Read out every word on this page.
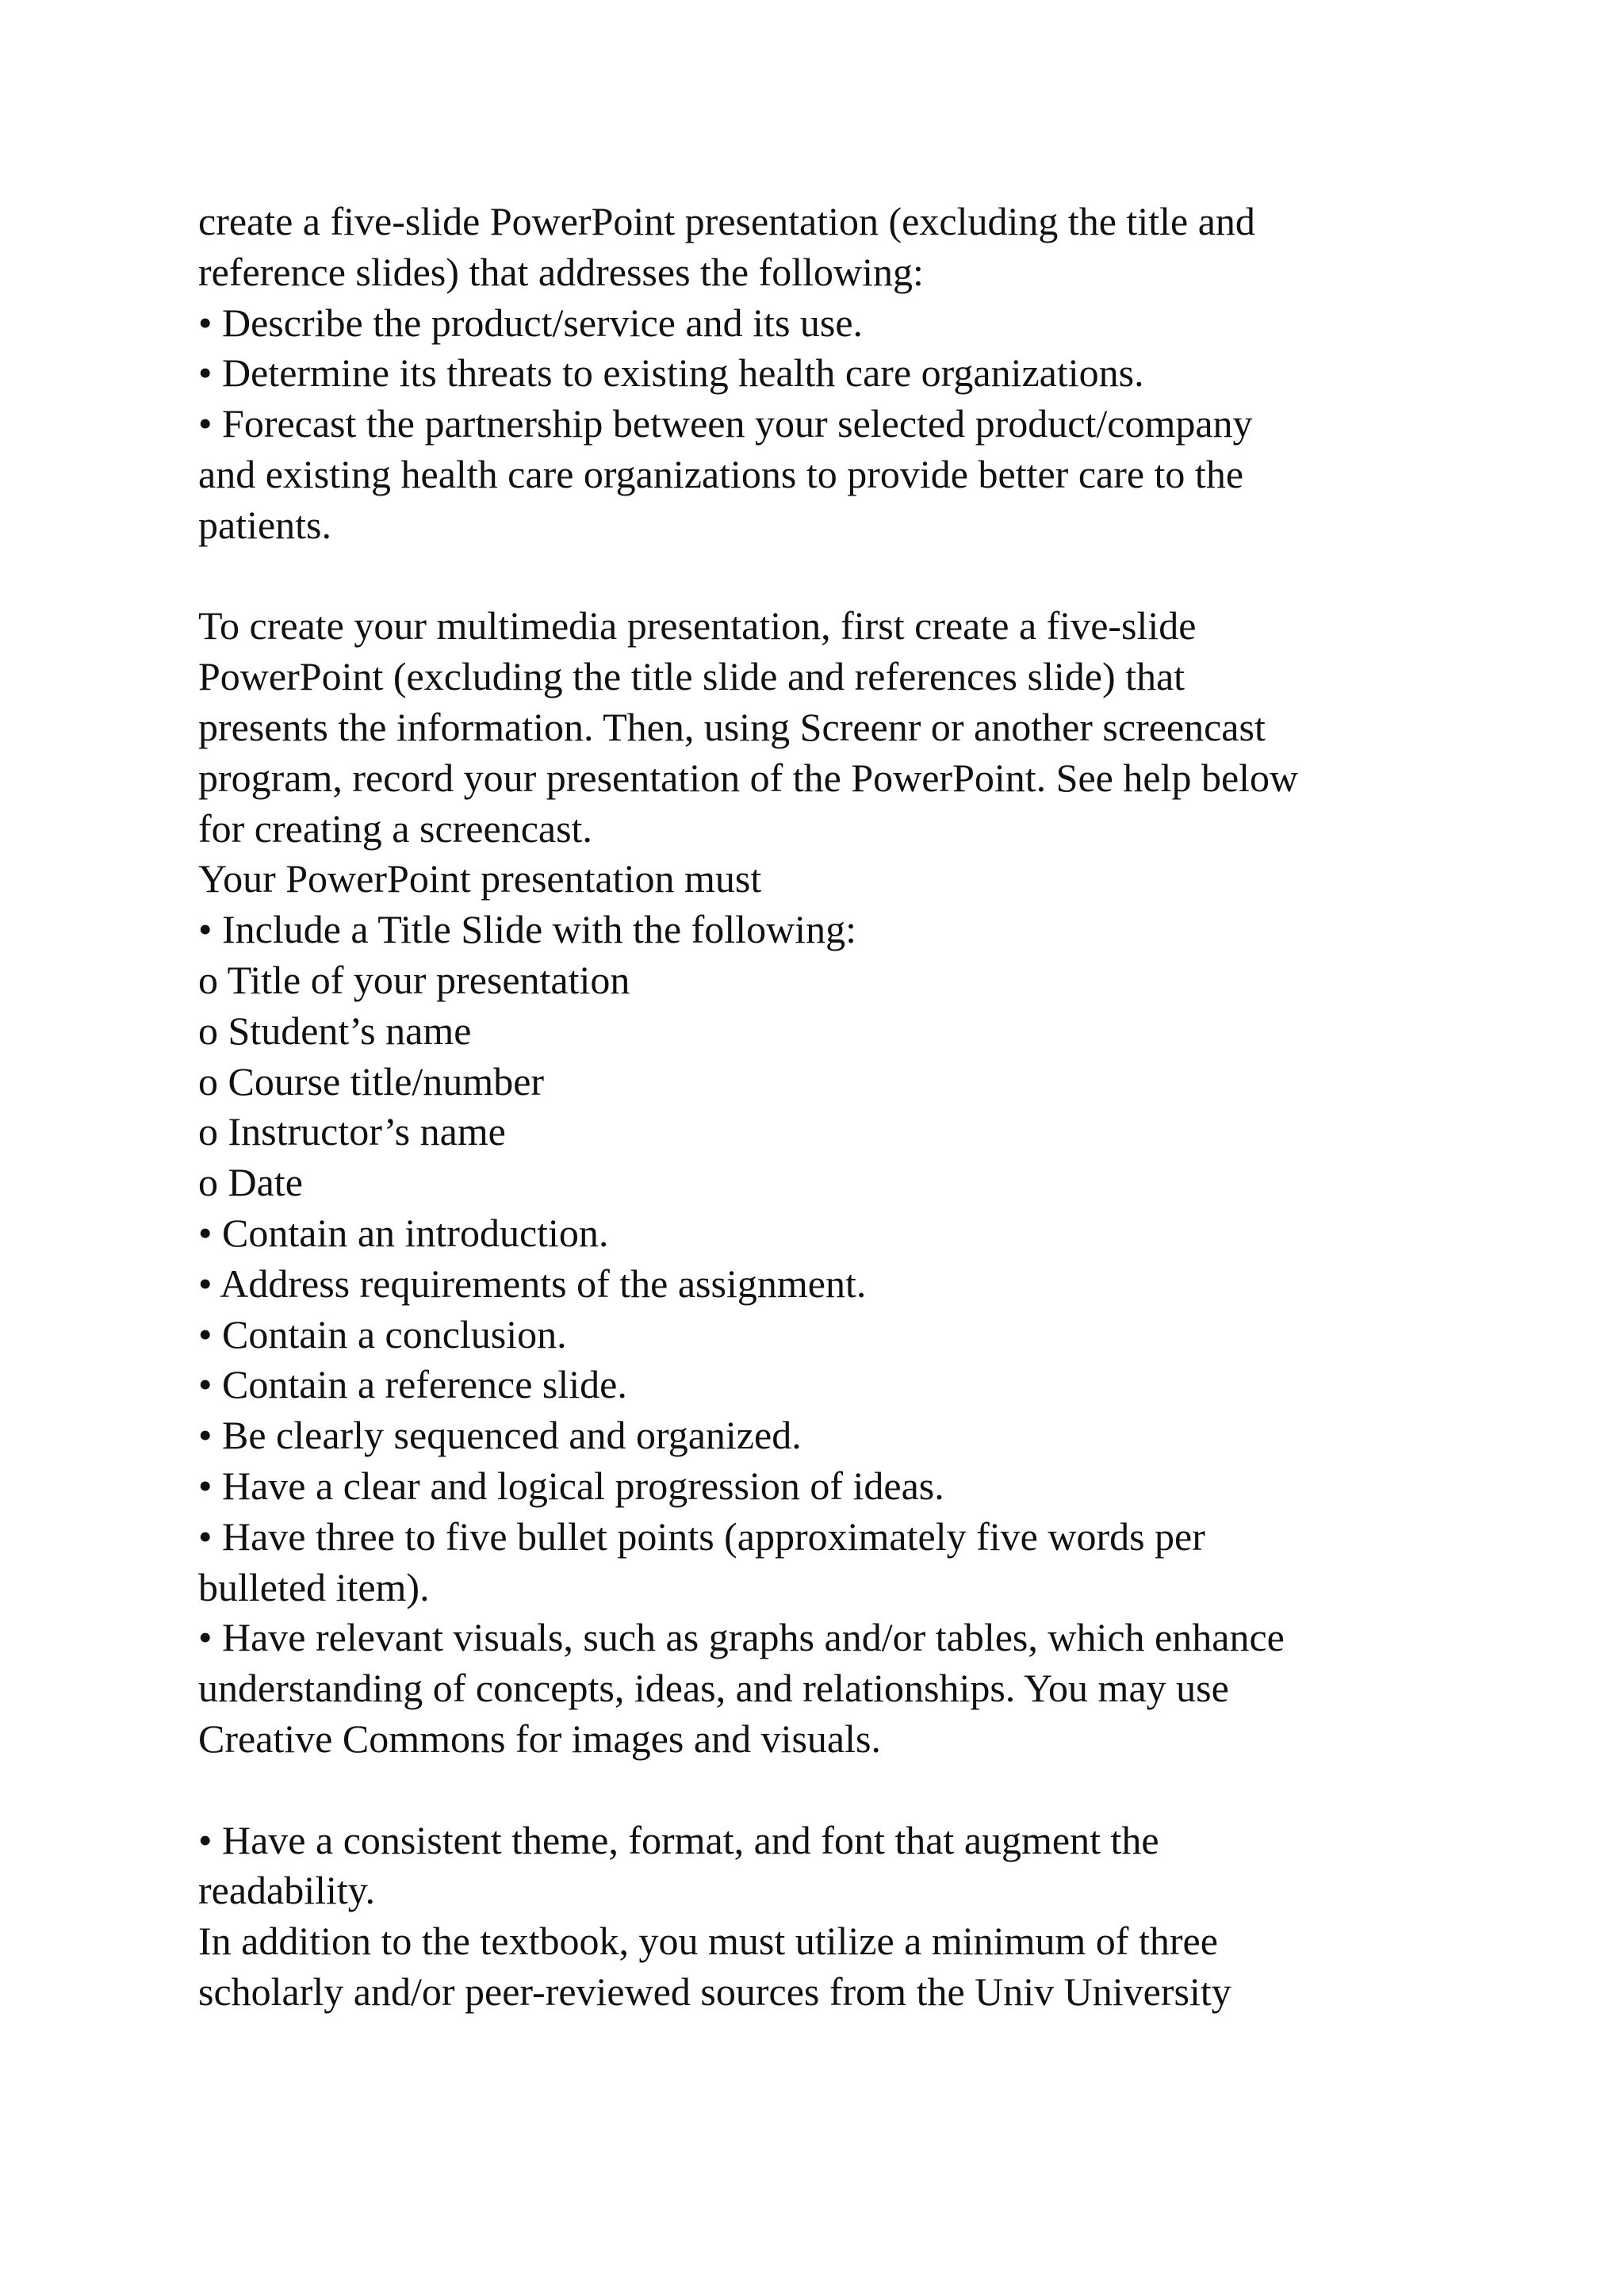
create a five-slide PowerPoint presentation (excluding the title and
reference slides) that addresses the following:
• Describe the product/service and its use.
• Determine its threats to existing health care organizations.
• Forecast the partnership between your selected product/company
and existing health care organizations to provide better care to the
patients.
To create your multimedia presentation, first create a five-slide
PowerPoint (excluding the title slide and references slide) that
presents the information. Then, using Screenr or another screencast
program, record your presentation of the PowerPoint. See help below
for creating a screencast.
Your PowerPoint presentation must
• Include a Title Slide with the following:
o Title of your presentation
o Student’s name
o Course title/number
o Instructor’s name
o Date
• Contain an introduction.
• Address requirements of the assignment.
• Contain a conclusion.
• Contain a reference slide.
• Be clearly sequenced and organized.
• Have a clear and logical progression of ideas.
• Have three to five bullet points (approximately five words per
bulleted item).
• Have relevant visuals, such as graphs and/or tables, which enhance
understanding of concepts, ideas, and relationships. You may use
Creative Commons for images and visuals.
• Have a consistent theme, format, and font that augment the
readability.
In addition to the textbook, you must utilize a minimum of three
scholarly and/or peer-reviewed sources from the Univ University
